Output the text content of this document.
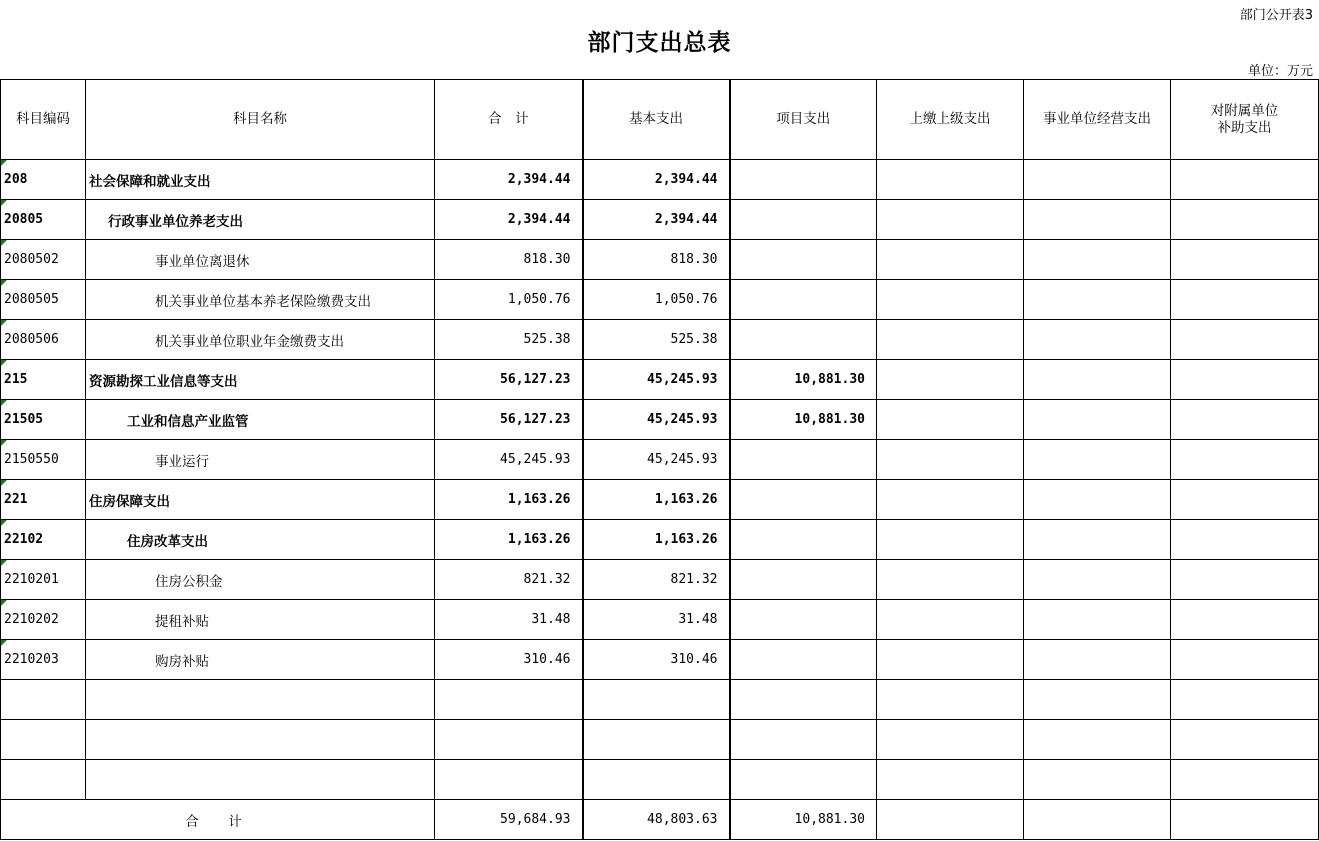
部门公开表3
部门支出总表
单位：万元
科目编码	科目名称	合　计	基本支出	项目支出	上缴上级支出	事业单位经营支出	对附属单位
补助支出
208	社会保障和就业支出	2,394.44	2,394.44				
20805	行政事业单位养老支出	2,394.44	2,394.44				
2080502	事业单位离退休	818.30	818.30				
2080505	机关事业单位基本养老保险缴费支出	1,050.76	1,050.76				
2080506	机关事业单位职业年金缴费支出	525.38	525.38				
215	资源勘探工业信息等支出	56,127.23	45,245.93	10,881.30			
21505	工业和信息产业监管	56,127.23	45,245.93	10,881.30			
2150550	事业运行	45,245.93	45,245.93				
221	住房保障支出	1,163.26	1,163.26				
22102	住房改革支出	1,163.26	1,163.26				
2210201	住房公积金	821.32	821.32				
2210202	提租补贴	31.48	31.48				
2210203	购房补贴	310.46	310.46				

合　计		59,684.93	48,803.63	10,881.30			
